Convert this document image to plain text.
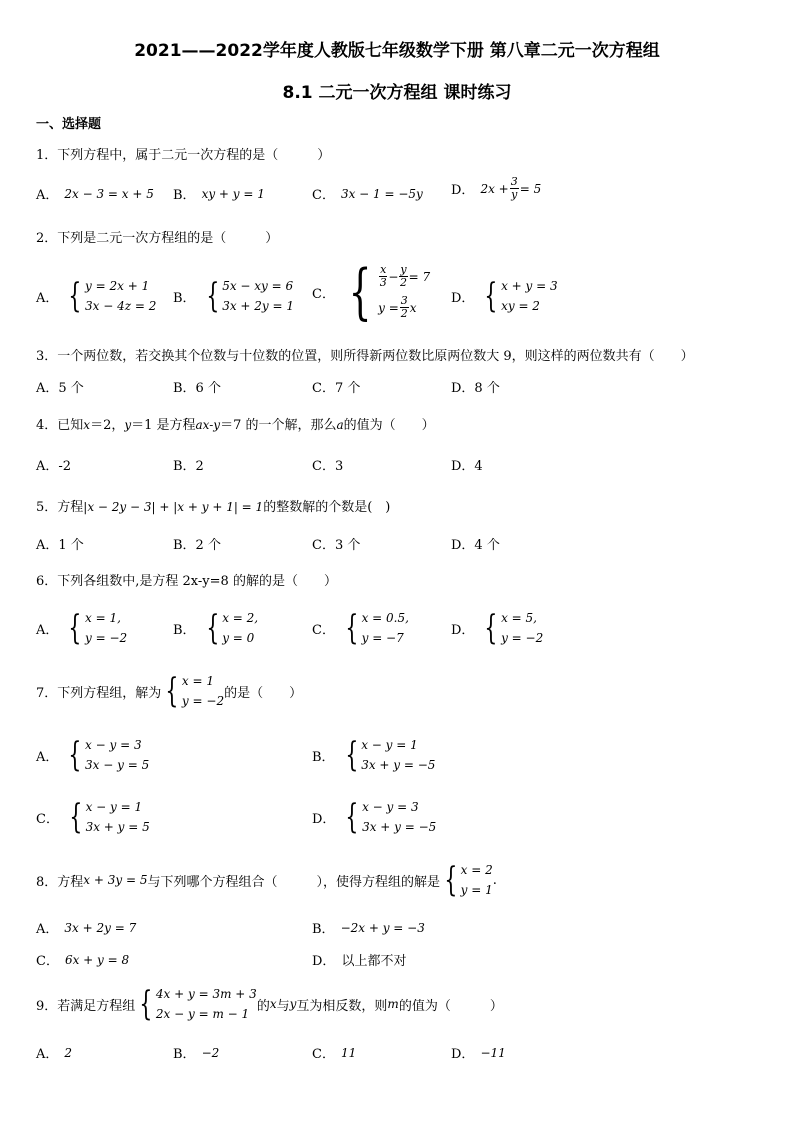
2021——2022学年度人教版七年级数学下册 第八章二元一次方程组
8.1 二元一次方程组 课时练习
一、选择题
1．下列方程中，属于二元一次方程的是（　　　）
A． 2x − 3 = x + 5 B． xy + y = 1	C． 3x − 1 = −5y D． $2x + \frac{3}{y} = 5$
2．下列是二元一次方程组的是（　　　）
A． { y = 2x + 1
3x − 4z = 2
B． { 5x − xy = 6
3x + 2y = 1
C． { $\frac{x}{3} - \frac{y}{2} = 7$
$y = \frac{3}{2}$ x
D． { x + y = 3
xy = 2
3．一个两位数，若交换其个位数与十位数的位置，则所得新两位数比原两位数大 9，则这样的两位数共有（　　）
A．5 个	B．6 个	C．7 个	D．8 个
4．已知x＝2，y＝1 是方程ax-y＝7 的一个解，那么a的值为（　　）
A．-2	B．2	C．3	D．4
5．方程|x − 2y − 3| + |x + y + 1| = 1的整数解的个数是(　)
A．1 个	B．2 个	C．3 个	D．4 个
6．下列各组数中,是方程 2x-y=8 的解的是（　　）
A． { x = 1,
y = −2
B． { x = 2,
y = 0
C． { x = 0.5,
y = −7
D． { x = 5,
y = −2
7．下列方程组，解为 { x = 1
y = −2
的是（　　）
A． { x − y = 3
3x − y = 5
B． { x − y = 1
3x + y = −5
C． { x − y = 1
3x + y = 5
D． { x − y = 3
3x + y = −5
8．方程 x + 3y = 5 与下列哪个方程组合（　　　），使得方程组的解是 { x = 2
y = 1
.
A． 3x + 2y = 7	B． −2x + y = −3
C． 6x + y = 8	D． 以上都不对
9．若满足方程组 { 4x + y = 3m + 3
2x − y = m − 1
的 x 与 y 互为相反数，则 m 的值为（　　　）
A． 2	B． −2	C． 11	D． −11
